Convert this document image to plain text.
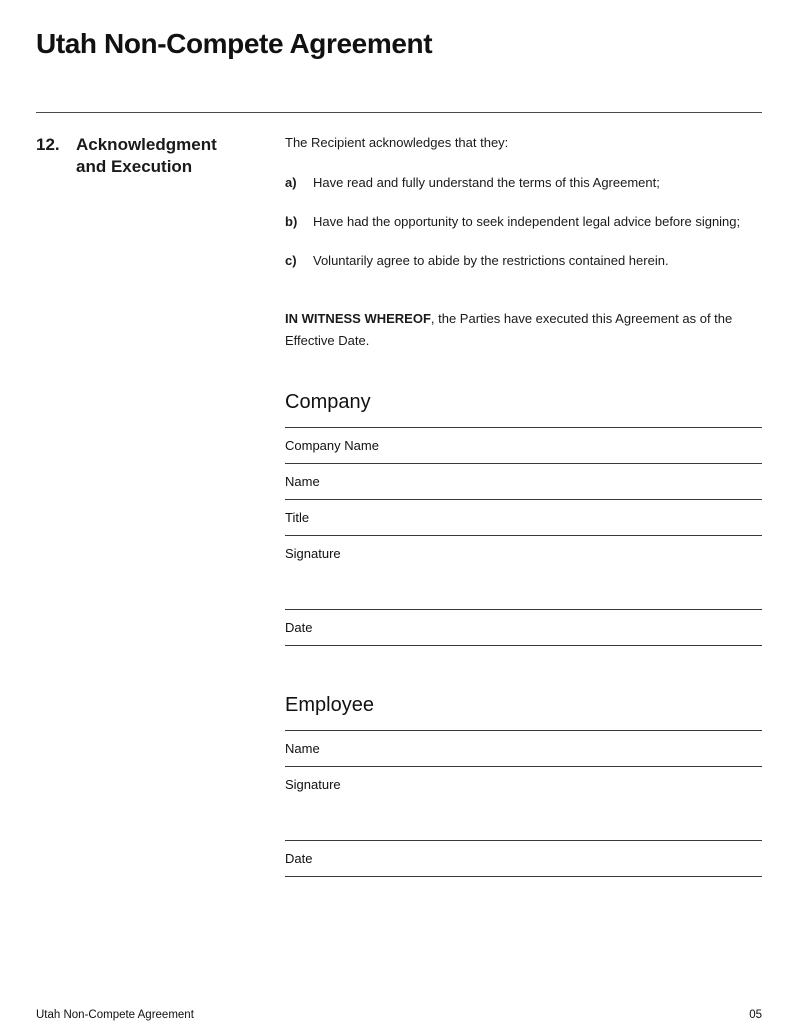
Utah Non-Compete Agreement
12. Acknowledgment and Execution

The Recipient acknowledges that they:

a)	Have read and fully understand the terms of this Agreement;
b)	Have had the opportunity to seek independent legal advice before signing;
c)	Voluntarily agree to abide by the restrictions contained herein.

IN WITNESS WHEREOF, the Parties have executed this Agreement as of the Effective Date.

Company
Company Name
Name
Title
Signature
Date
Employee
Name
Signature
Date
Utah Non-Compete Agreement	05
